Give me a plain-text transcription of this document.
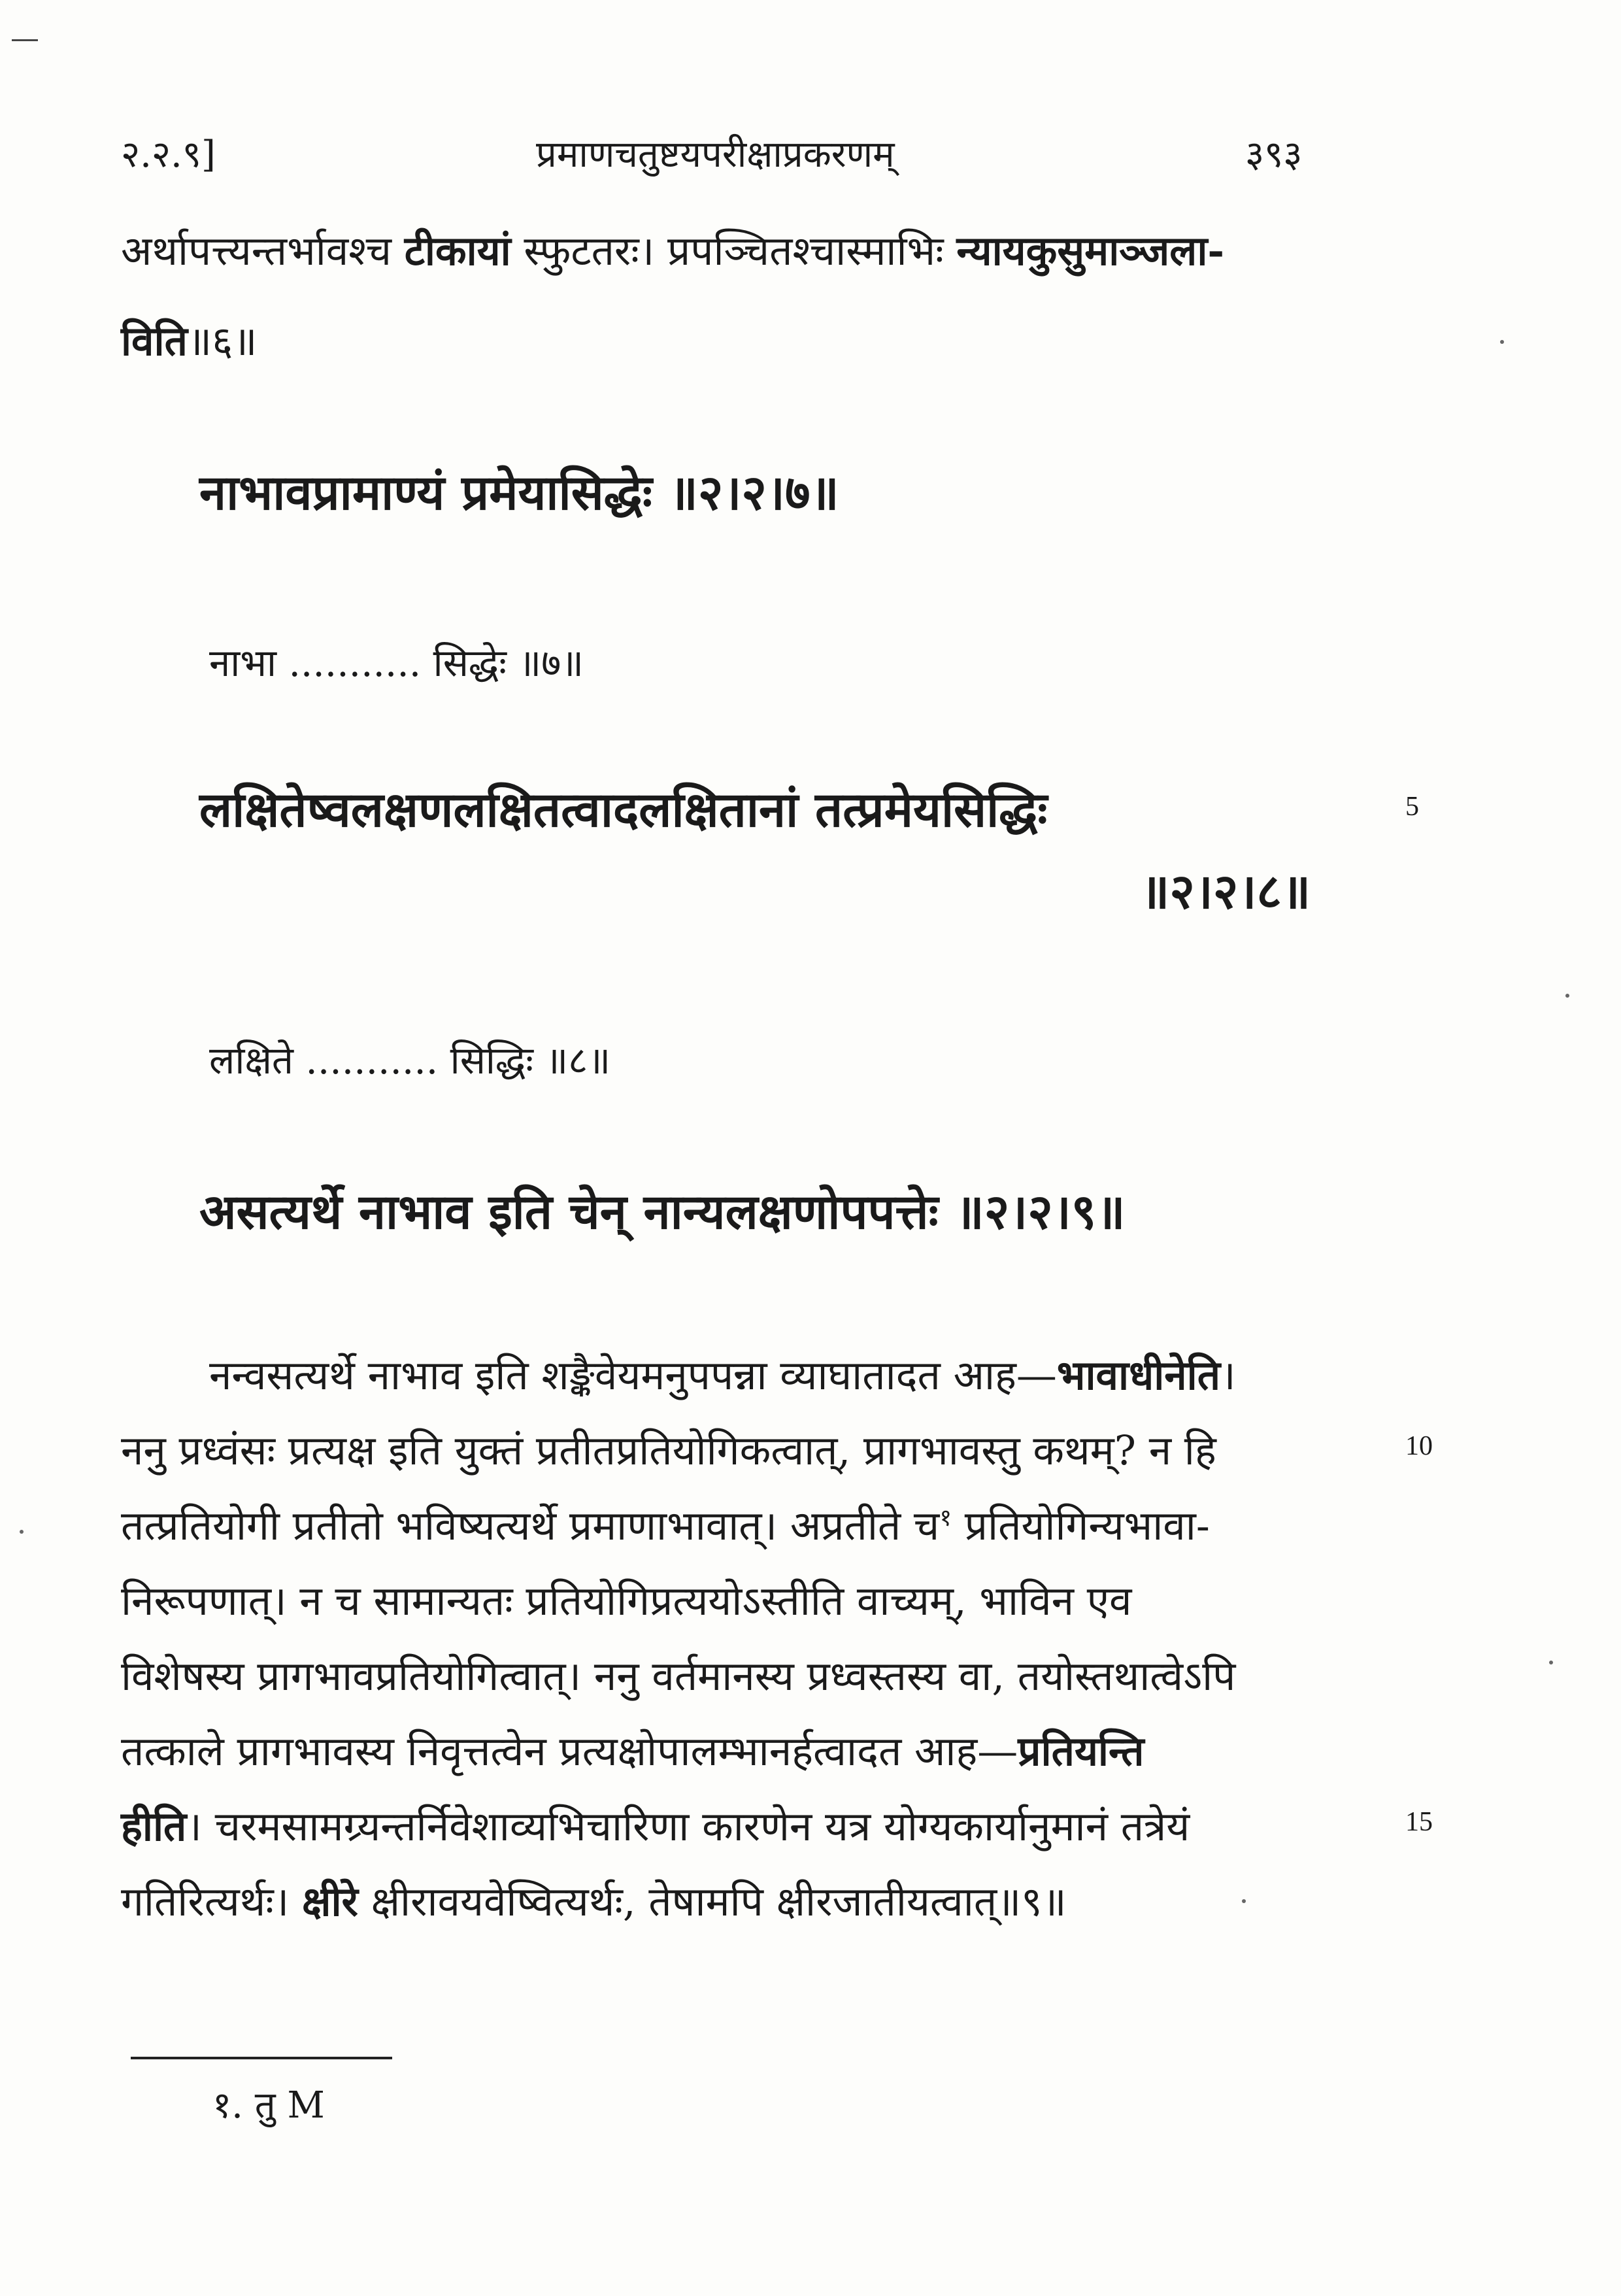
२.२.९]	प्रमाणचतुष्टयपरीक्षाप्रकरणम्	३९३
अर्थापत्त्यन्तर्भावश्च टीकायां स्फुटतरः। प्रपञ्चितश्चास्माभिः न्यायकुसुमाञ्जला-
विति॥६॥
नाभावप्रामाण्यं प्रमेयासिद्धेः ॥२।२।७॥
नाभा ........... सिद्धेः ॥७॥
लक्षितेष्वलक्षणलक्षितत्वादलक्षितानां तत्प्रमेयसिद्धिः
॥२।२।८॥
5
लक्षिते ........... सिद्धिः ॥८॥
असत्यर्थे नाभाव इति चेन् नान्यलक्षणोपपत्तेः ॥२।२।९॥
नन्वसत्यर्थे नाभाव इति शङ्कैवेयमनुपपन्ना व्याघातादत आह—भावाधीनेति।
ननु प्रध्वंसः प्रत्यक्ष इति युक्तं प्रतीतप्रतियोगिकत्वात्, प्रागभावस्तु कथम्? न हि	10
तत्प्रतियोगी प्रतीतो भविष्यत्यर्थे प्रमाणाभावात्। अप्रतीते च$^१$ प्रतियोगिन्यभावा-
निरूपणात्। न च सामान्यतः प्रतियोगिप्रत्ययोऽस्तीति वाच्यम्, भाविन एव
विशेषस्य प्रागभावप्रतियोगित्वात्। ननु वर्तमानस्य प्रध्वस्तस्य वा, तयोस्तथात्वेऽपि
तत्काले प्रागभावस्य निवृत्तत्वेन प्रत्यक्षोपालम्भानर्हत्वादत आह—प्रतियन्ति
हीति। चरमसामग्र्यन्तर्निवेशाव्यभिचारिणा कारणेन यत्र योग्यकार्यानुमानं तत्रेयं	15
गतिरित्यर्थः। क्षीरे क्षीरावयवेष्वित्यर्थः, तेषामपि क्षीरजातीयत्वात्॥९॥
१. तु M
